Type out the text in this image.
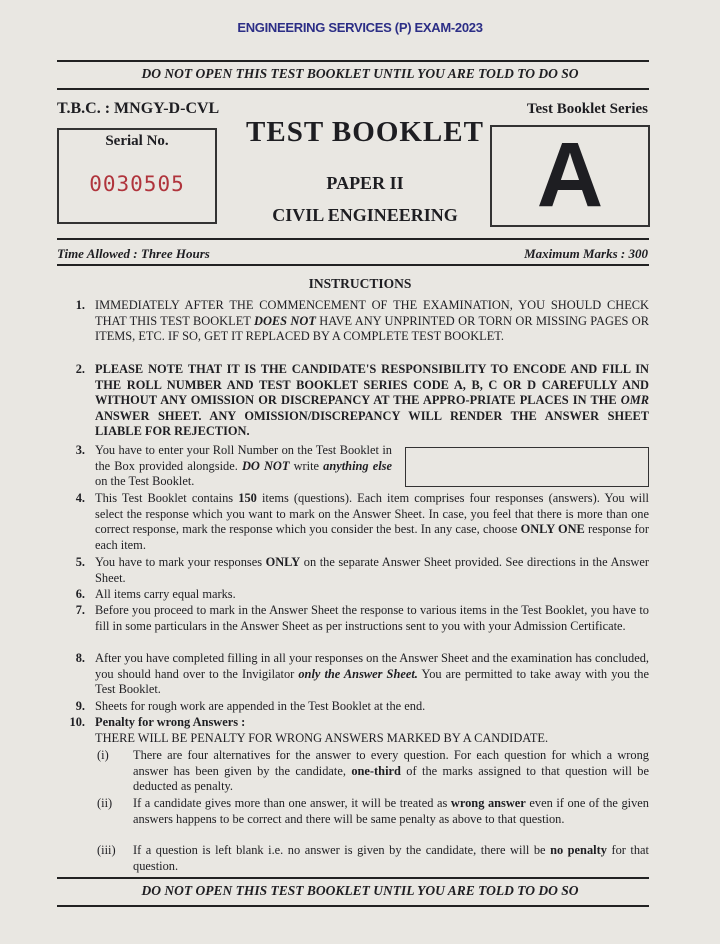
ENGINEERING SERVICES (P) EXAM-2023
DO NOT OPEN THIS TEST BOOKLET UNTIL YOU ARE TOLD TO DO SO
T.B.C. : MNGY-D-CVL	Test Booklet Series
Serial No.
0030505
TEST BOOKLET
PAPER II
CIVIL ENGINEERING A
Time Allowed : Three Hours	Maximum Marks : 300
INSTRUCTIONS
1. IMMEDIATELY AFTER THE COMMENCEMENT OF THE EXAMINATION, YOU SHOULD CHECK THAT THIS TEST BOOKLET DOES NOT HAVE ANY UNPRINTED OR TORN OR MISSING PAGES OR ITEMS, ETC. IF SO, GET IT REPLACED BY A COMPLETE TEST BOOKLET.
2. PLEASE NOTE THAT IT IS THE CANDIDATE'S RESPONSIBILITY TO ENCODE AND FILL IN THE ROLL NUMBER AND TEST BOOKLET SERIES CODE A, B, C OR D CAREFULLY AND WITHOUT ANY OMISSION OR DISCREPANCY AT THE APPRO-PRIATE PLACES IN THE OMR ANSWER SHEET. ANY OMISSION/DISCREPANCY WILL RENDER THE ANSWER SHEET LIABLE FOR REJECTION.
3. You have to enter your Roll Number on the Test Booklet in the Box provided alongside. DO NOT write anything else on the Test Booklet.
4. This Test Booklet contains 150 items (questions). Each item comprises four responses (answers). You will select the response which you want to mark on the Answer Sheet. In case, you feel that there is more than one correct response, mark the response which you consider the best. In any case, choose ONLY ONE response for each item.
5. You have to mark your responses ONLY on the separate Answer Sheet provided. See directions in the Answer Sheet.
6. All items carry equal marks.
7. Before you proceed to mark in the Answer Sheet the response to various items in the Test Booklet, you have to fill in some particulars in the Answer Sheet as per instructions sent to you with your Admission Certificate.
8. After you have completed filling in all your responses on the Answer Sheet and the examination has concluded, you should hand over to the Invigilator only the Answer Sheet. You are permitted to take away with you the Test Booklet.
9. Sheets for rough work are appended in the Test Booklet at the end.
10. Penalty for wrong Answers :
THERE WILL BE PENALTY FOR WRONG ANSWERS MARKED BY A CANDIDATE.
(i) There are four alternatives for the answer to every question. For each question for which a wrong answer has been given by the candidate, one-third of the marks assigned to that question will be deducted as penalty.
(ii) If a candidate gives more than one answer, it will be treated as wrong answer even if one of the given answers happens to be correct and there will be same penalty as above to that question.
(iii) If a question is left blank i.e. no answer is given by the candidate, there will be no penalty for that question.
DO NOT OPEN THIS TEST BOOKLET UNTIL YOU ARE TOLD TO DO SO
